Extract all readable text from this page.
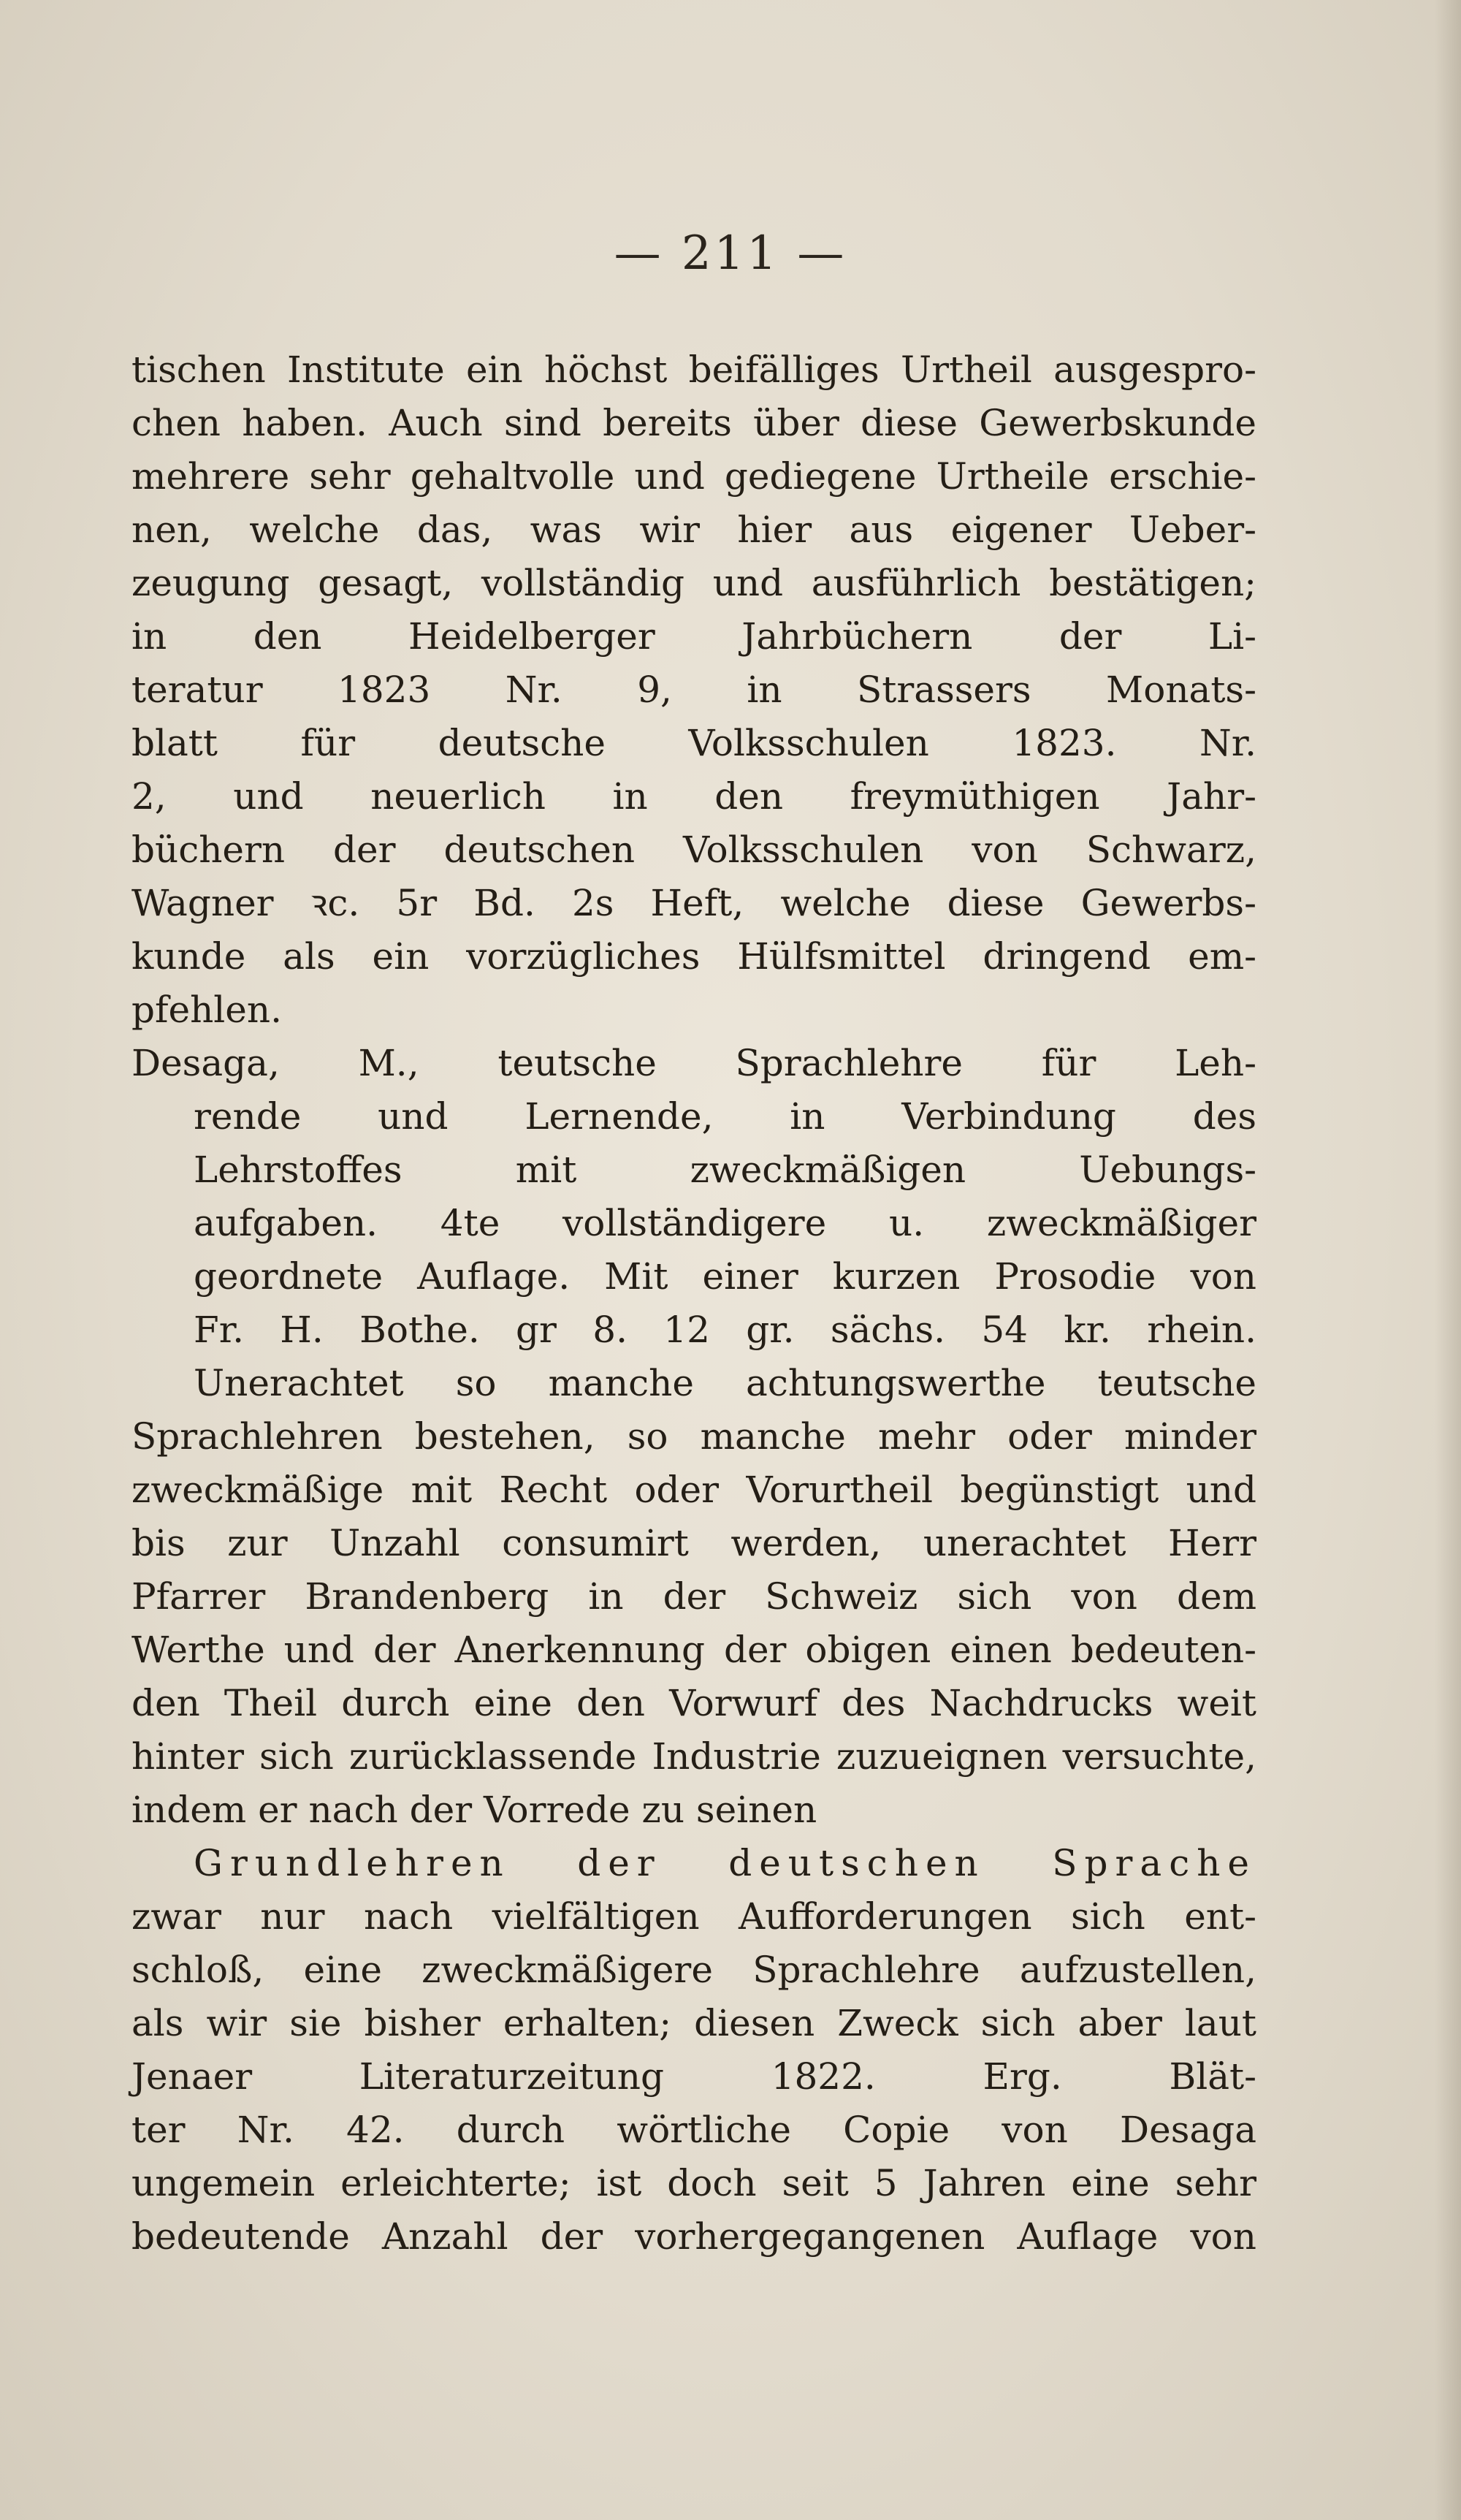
— 211 —
tischen Institute ein höchst beifälliges Urtheil ausgespro-
chen haben. Auch sind bereits über diese Gewerbskunde
mehrere sehr gehaltvolle und gediegene Urtheile erschie-
nen, welche das, was wir hier aus eigener Ueber-
zeugung gesagt, vollständig und ausführlich bestätigen;
in den Heidelberger Jahrbüchern der Li-
teratur 1823 Nr. 9, in Strassers Monats-
blatt für deutsche Volksschulen 1823. Nr.
2, und neuerlich in den freymüthigen Jahr-
büchern der deutschen Volksschulen von Schwarz,
Wagner ꝛc. 5r Bd. 2s Heft, welche diese Gewerbs-
kunde als ein vorzügliches Hülfsmittel dringend em-
pfehlen.
Desaga, M., teutsche Sprachlehre für Leh-
rende und Lernende, in Verbindung des
Lehrstoffes mit zweckmäßigen Uebungs-
aufgaben. 4te vollständigere u. zweckmäßiger
geordnete Auflage. Mit einer kurzen Prosodie von
Fr. H. Bothe. gr 8. 12 gr. sächs. 54 kr. rhein.
Unerachtet so manche achtungswerthe teutsche
Sprachlehren bestehen, so manche mehr oder minder
zweckmäßige mit Recht oder Vorurtheil begünstigt und
bis zur Unzahl consumirt werden, unerachtet Herr
Pfarrer Brandenberg in der Schweiz sich von dem
Werthe und der Anerkennung der obigen einen bedeuten-
den Theil durch eine den Vorwurf des Nachdrucks weit
hinter sich zurücklassende Industrie zuzueignen versuchte,
indem er nach der Vorrede zu seinen
Grundlehren der deutschen Sprache
zwar nur nach vielfältigen Aufforderungen sich ent-
schloß, eine zweckmäßigere Sprachlehre aufzustellen,
als wir sie bisher erhalten; diesen Zweck sich aber laut
Jenaer Literaturzeitung 1822. Erg. Blät-
ter Nr. 42. durch wörtliche Copie von Desaga
ungemein erleichterte; ist doch seit 5 Jahren eine sehr
bedeutende Anzahl der vorhergegangenen Auflage von
